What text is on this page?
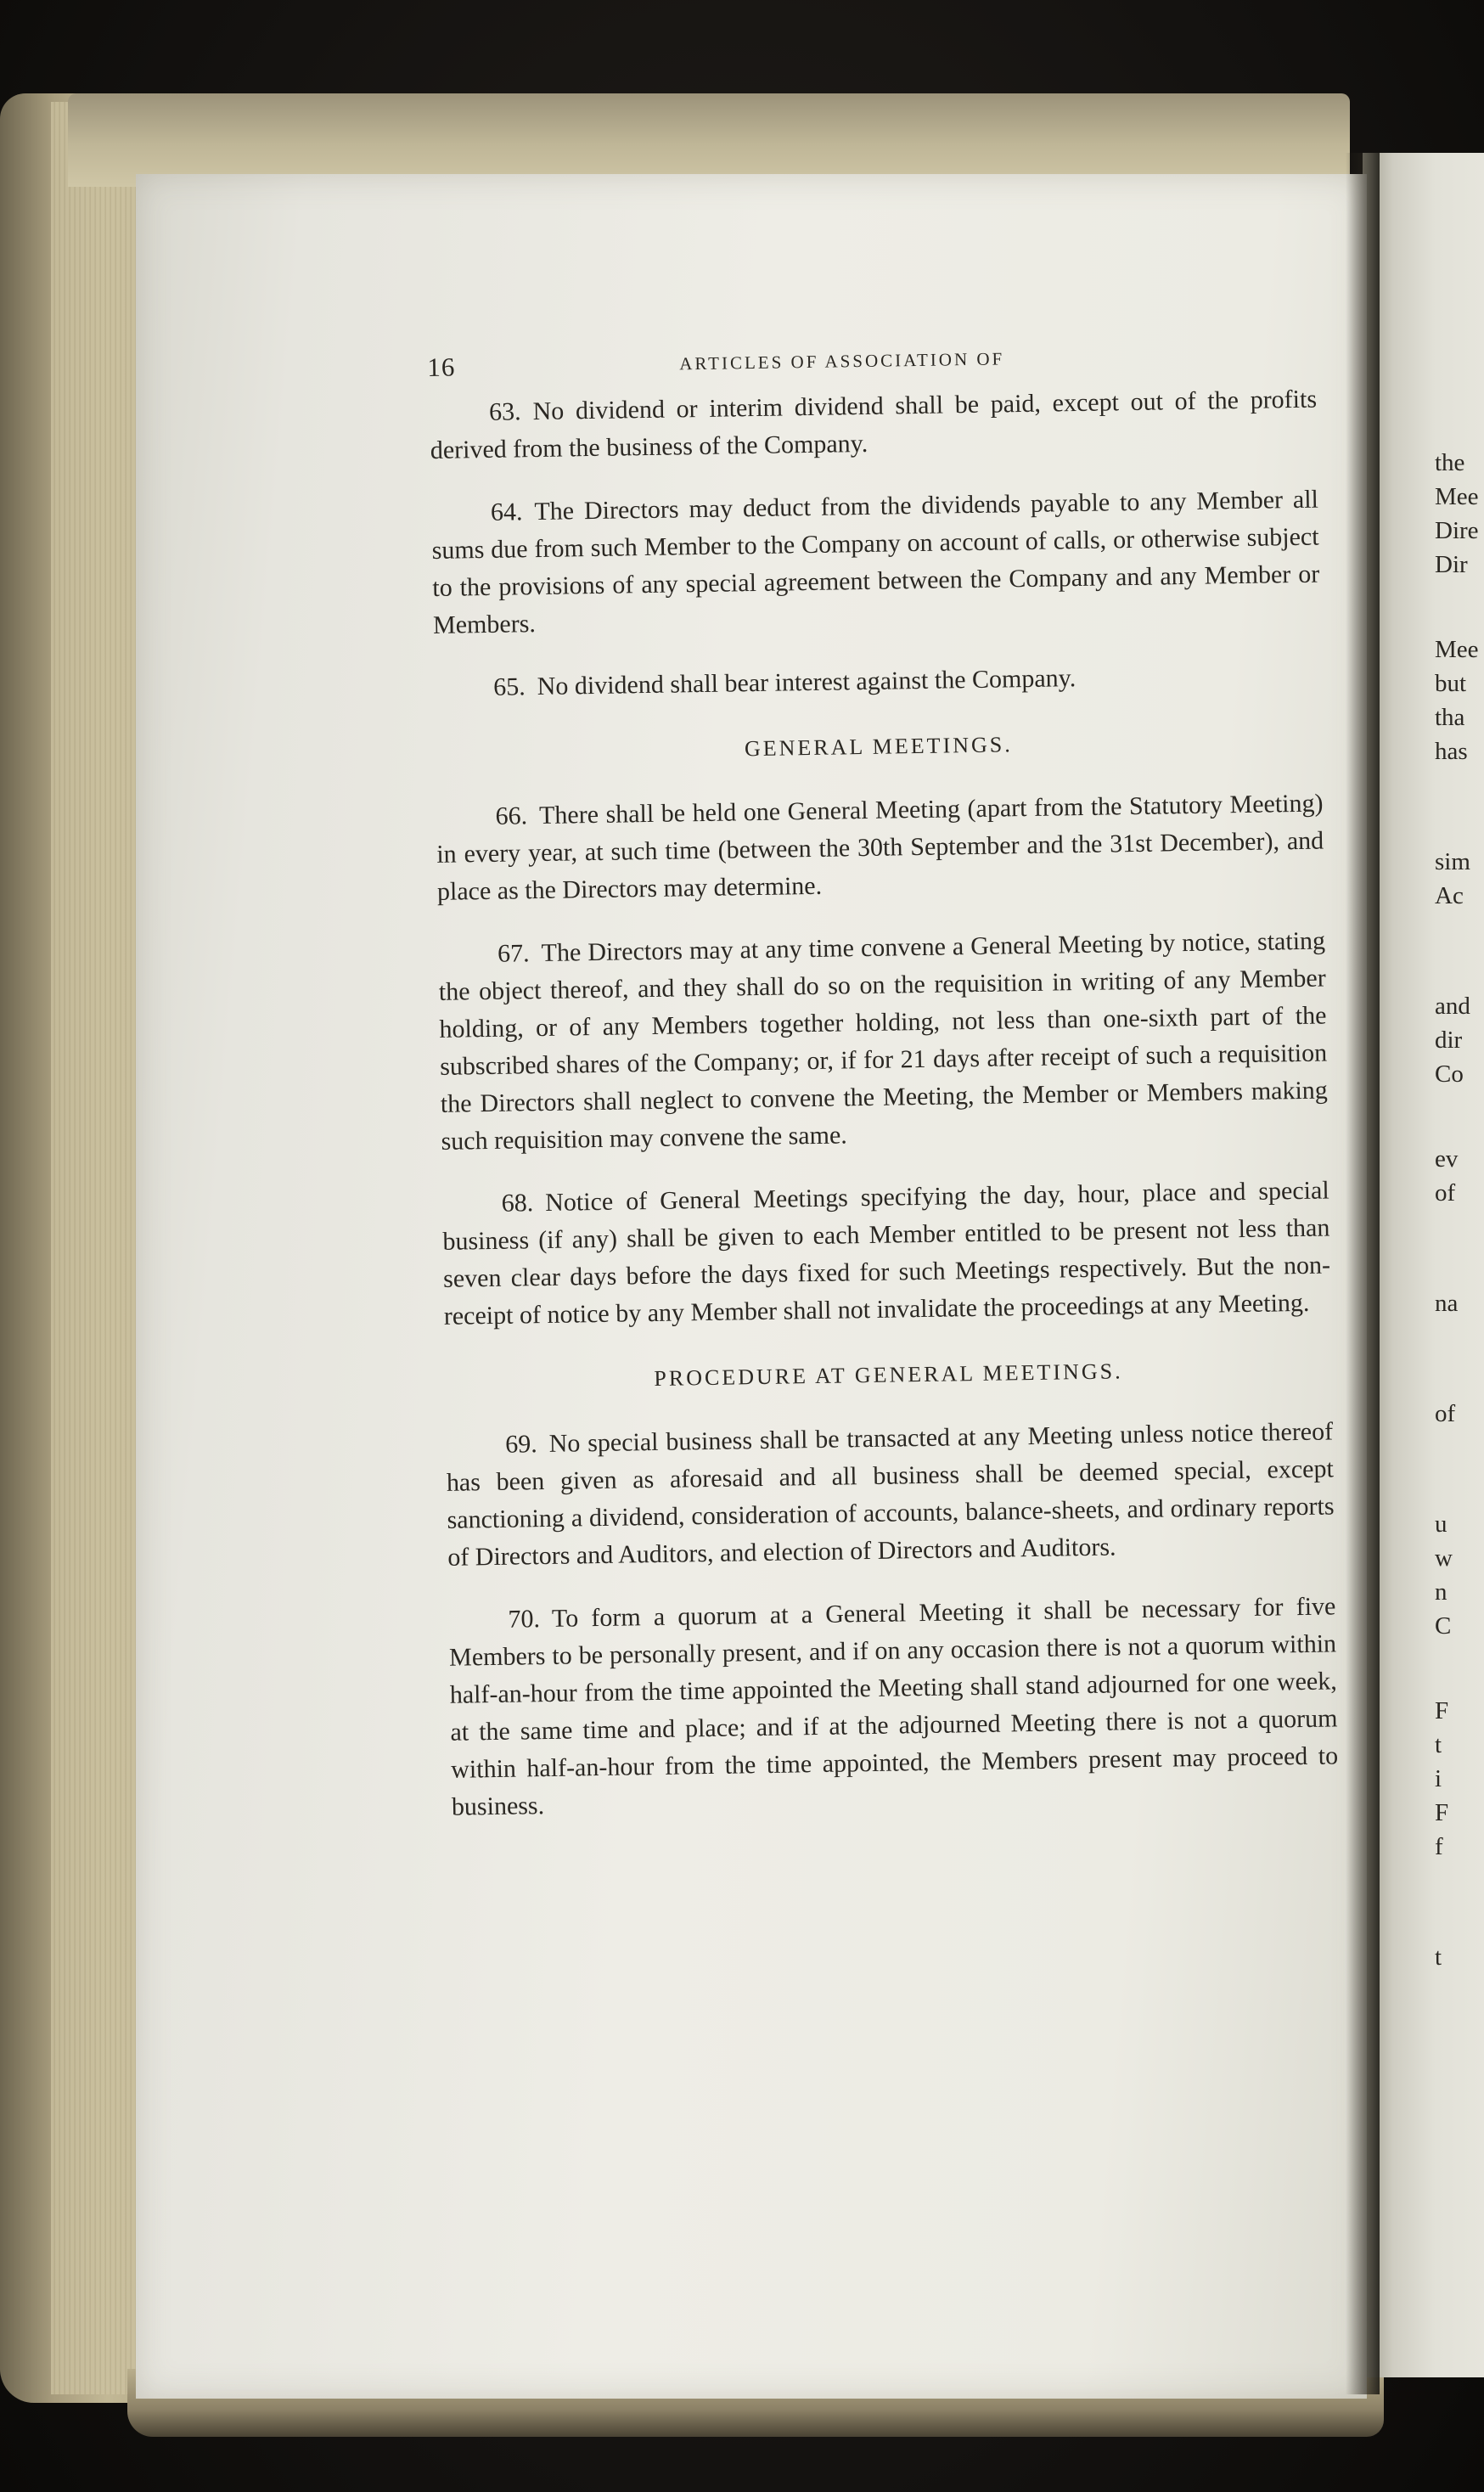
16	ARTICLES OF ASSOCIATION OF

63. No dividend or interim dividend shall be paid, except out of the profits derived from the business of the Company.

64. The Directors may deduct from the dividends payable to any Member all sums due from such Member to the Company on account of calls, or otherwise subject to the provisions of any special agreement between the Company and any Member or Members.

65. No dividend shall bear interest against the Company.

GENERAL MEETINGS.

66. There shall be held one General Meeting (apart from the Statutory Meeting) in every year, at such time (between the 30th September and the 31st December), and place as the Directors may determine.

67. The Directors may at any time convene a General Meeting by notice, stating the object thereof, and they shall do so on the requisition in writing of any Member holding, or of any Members together holding, not less than one-sixth part of the subscribed shares of the Company; or, if for 21 days after receipt of such a requisition the Directors shall neglect to convene the Meeting, the Member or Members making such requisition may convene the same.

68. Notice of General Meetings specifying the day, hour, place and special business (if any) shall be given to each Member entitled to be present not less than seven clear days before the days fixed for such Meetings respectively. But the non-receipt of notice by any Member shall not invalidate the proceedings at any Meeting.

PROCEDURE AT GENERAL MEETINGS.

69. No special business shall be transacted at any Meeting unless notice thereof has been given as aforesaid and all business shall be deemed special, except sanctioning a dividend, consideration of accounts, balance-sheets, and ordinary reports of Directors and Auditors, and election of Directors and Auditors.

70. To form a quorum at a General Meeting it shall be necessary for five Members to be personally present, and if on any occasion there is not a quorum within half-an-hour from the time appointed the Meeting shall stand adjourned for one week, at the same time and place; and if at the adjourned Meeting there is not a quorum within half-an-hour from the time appointed, the Members present may proceed to business.

the
Mee
Dire
Dir
Mee
but
tha
has
sim
Ac
and
dir
Co
ev
of
na
of
u
w
n
C
F
t
i
F
f
t
